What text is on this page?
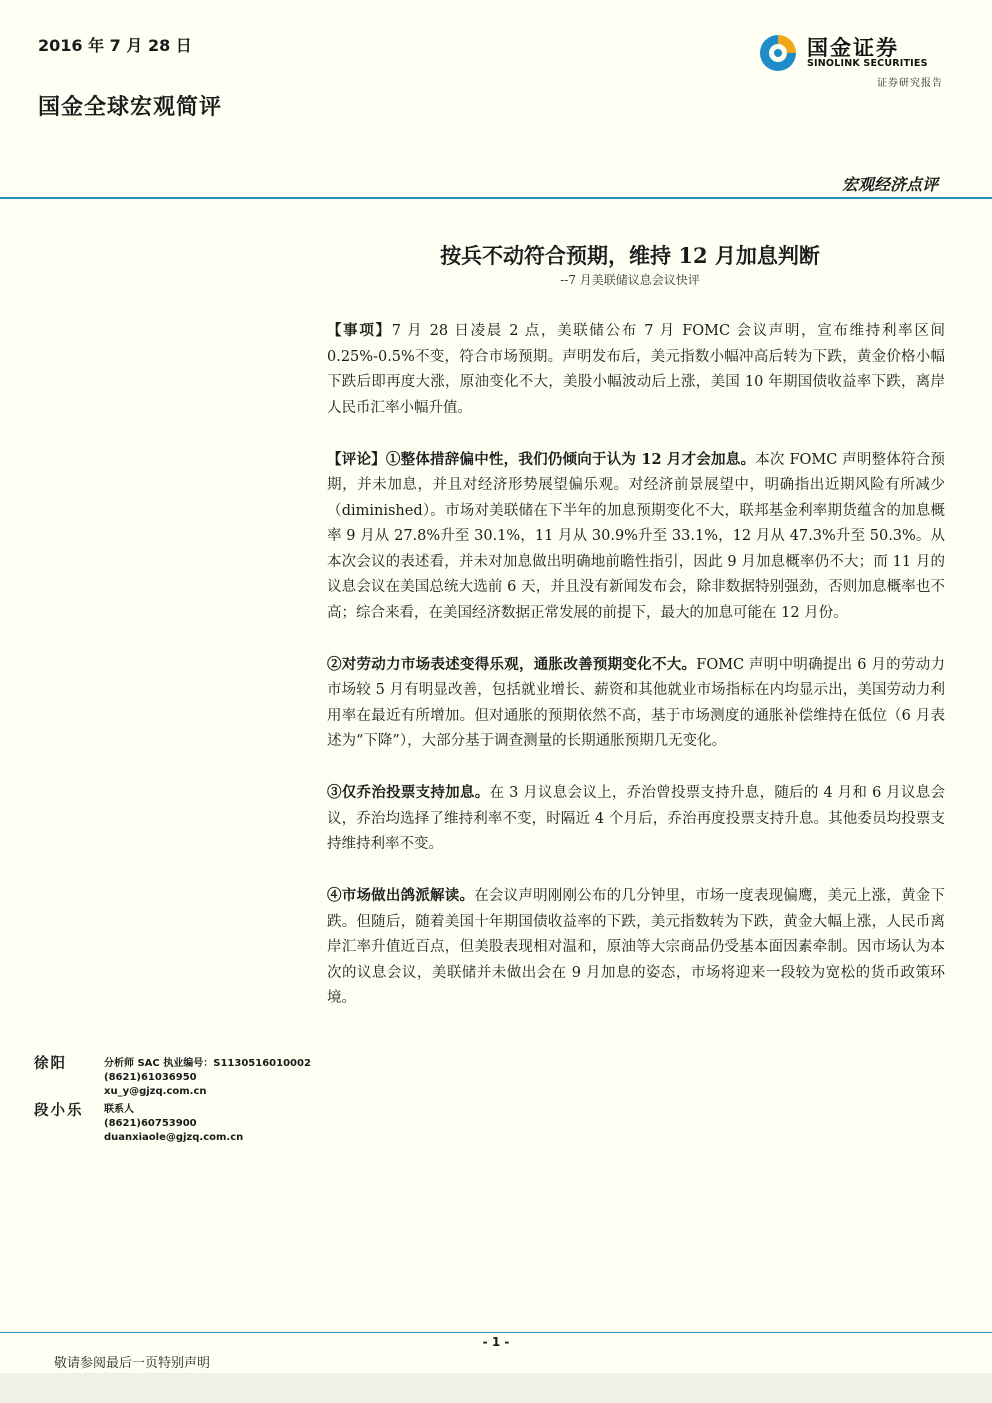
2016 年 7 月 28 日
国金全球宏观简评
国金证券
SINOLINK SECURITIES
证券研究报告
宏观经济点评
按兵不动符合预期，维持 12 月加息判断
--7 月美联储议息会议快评

【事项】7 月 28 日凌晨 2 点，美联储公布 7 月 FOMC 会议声明，宣布维持利率区间 0.25%-0.5%不变，符合市场预期。声明发布后，美元指数小幅冲高后转为下跌，黄金价格小幅下跌后即再度大涨，原油变化不大，美股小幅波动后上涨，美国 10 年期国债收益率下跌，离岸人民币汇率小幅升值。

【评论】①整体措辞偏中性，我们仍倾向于认为 12 月才会加息。本次 FOMC 声明整体符合预期，并未加息，并且对经济形势展望偏乐观。对经济前景展望中，明确指出近期风险有所减少（diminished）。市场对美联储在下半年的加息预期变化不大，联邦基金利率期货蕴含的加息概率 9 月从 27.8%升至 30.1%，11 月从 30.9%升至 33.1%，12 月从 47.3%升至 50.3%。从本次会议的表述看，并未对加息做出明确地前瞻性指引，因此 9 月加息概率仍不大；而 11 月的议息会议在美国总统大选前 6 天，并且没有新闻发布会，除非数据特别强劲，否则加息概率也不高；综合来看，在美国经济数据正常发展的前提下，最大的加息可能在 12 月份。

②对劳动力市场表述变得乐观，通胀改善预期变化不大。FOMC 声明中明确提出 6 月的劳动力市场较 5 月有明显改善，包括就业增长、薪资和其他就业市场指标在内均显示出，美国劳动力利用率在最近有所增加。但对通胀的预期依然不高，基于市场测度的通胀补偿维持在低位（6 月表述为“下降”），大部分基于调查测量的长期通胀预期几无变化。

③仅乔治投票支持加息。在 3 月议息会议上，乔治曾投票支持升息，随后的 4 月和 6 月议息会议，乔治均选择了维持利率不变，时隔近 4 个月后，乔治再度投票支持升息。其他委员均投票支持维持利率不变。

④市场做出鸽派解读。在会议声明刚刚公布的几分钟里，市场一度表现偏鹰，美元上涨，黄金下跌。但随后，随着美国十年期国债收益率的下跌，美元指数转为下跌，黄金大幅上涨，人民币离岸汇率升值近百点，但美股表现相对温和，原油等大宗商品仍受基本面因素牵制。因市场认为本次的议息会议，美联储并未做出会在 9 月加息的姿态，市场将迎来一段较为宽松的货币政策环境。

徐阳	分析师 SAC 执业编号：S1130516010002
(8621)61036950
xu_y@gjzq.com.cn
段小乐 联系人
(8621)60753900
duanxiaole@gjzq.com.cn
- 1 -
敬请参阅最后一页特别声明
